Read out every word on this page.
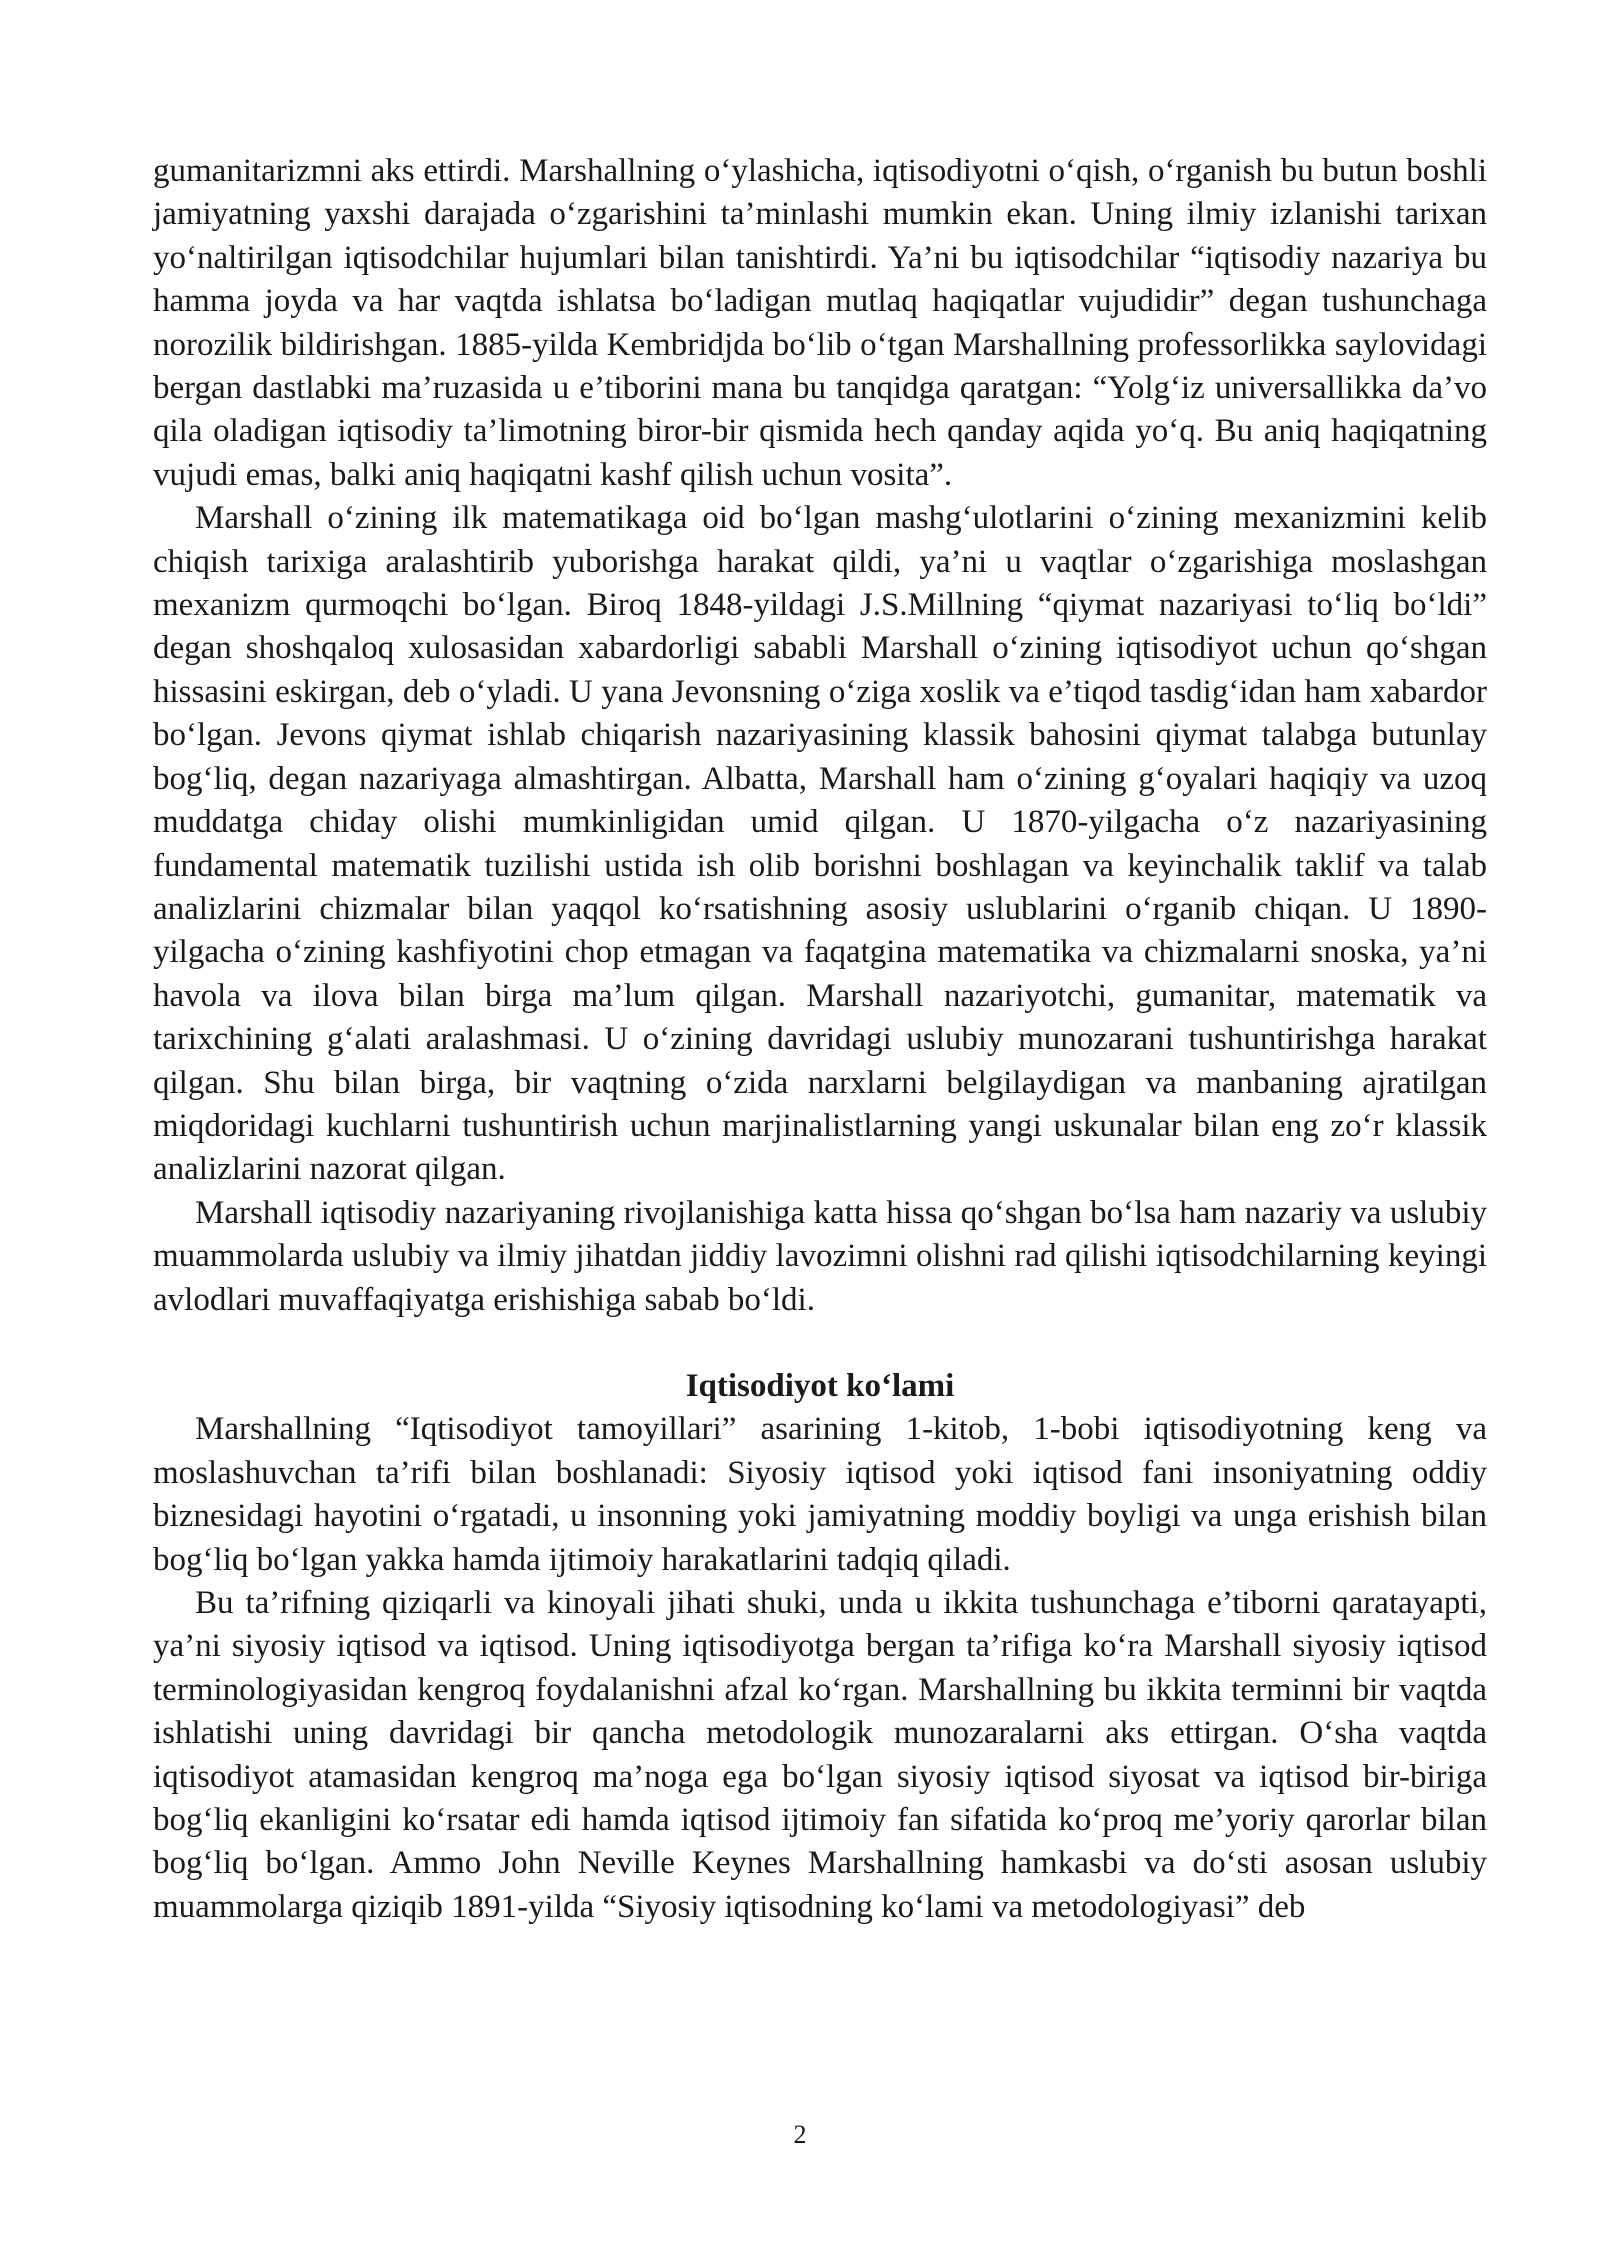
gumanitarizmni aks ettirdi. Marshallning o‘ylashicha, iqtisodiyotni o‘qish, o‘rganish bu butun boshli jamiyatning yaxshi darajada o‘zgarishini ta’minlashi mumkin ekan. Uning ilmiy izlanishi tarixan yo‘naltirilgan iqtisodchilar hujumlari bilan tanishtirdi. Ya’ni bu iqtisodchilar “iqtisodiy nazariya bu hamma joyda va har vaqtda ishlatsa bo‘ladigan mutlaq haqiqatlar vujudidir” degan tushunchaga norozilik bildirishgan. 1885-yilda Kembridjda bo‘lib o‘tgan Marshallning professorlikka saylovidagi bergan dastlabki ma’ruzasida u e’tiborini mana bu tanqidga qaratgan: “Yolg‘iz universallikka da’vo qila oladigan iqtisodiy ta’limotning biror-bir qismida hech qanday aqida yo‘q. Bu aniq haqiqatning vujudi emas, balki aniq haqiqatni kashf qilish uchun vosita”.

Marshall o‘zining ilk matematikaga oid bo‘lgan mashg‘ulotlarini o‘zining mexanizmini kelib chiqish tarixiga aralashtirib yuborishga harakat qildi, ya’ni u vaqtlar o‘zgarishiga moslashgan mexanizm qurmoqchi bo‘lgan. Biroq 1848-yildagi J.S.Millning “qiymat nazariyasi to‘liq bo‘ldi” degan shoshqaloq xulosasidan xabardorligi sababli Marshall o‘zining iqtisodiyot uchun qo‘shgan hissasini eskirgan, deb o‘yladi. U yana Jevonsning o‘ziga xoslik va e’tiqod tasdig‘idan ham xabardor bo‘lgan. Jevons qiymat ishlab chiqarish nazariyasining klassik bahosini qiymat talabga butunlay bog‘liq, degan nazariyaga almashtirgan. Albatta, Marshall ham o‘zining g‘oyalari haqiqiy va uzoq muddatga chiday olishi mumkinligidan umid qilgan. U 1870-yilgacha o‘z nazariyasining fundamental matematik tuzilishi ustida ish olib borishni boshlagan va keyinchalik taklif va talab analizlarini chizmalar bilan yaqqol ko‘rsatishning asosiy uslublarini o‘rganib chiqan. U 1890- yilgacha o‘zining kashfiyotini chop etmagan va faqatgina matematika va chizmalarni snoska, ya’ni havola va ilova bilan birga ma’lum qilgan. Marshall nazariyotchi, gumanitar, matematik va tarixchining g‘alati aralashmasi. U o‘zining davridagi uslubiy munozarani tushuntirishga harakat qilgan. Shu bilan birga, bir vaqtning o‘zida narxlarni belgilaydigan va manbaning ajratilgan miqdoridagi kuchlarni tushuntirish uchun marjinalistlarning yangi uskunalar bilan eng zo‘r klassik analizlarini nazorat qilgan.

Marshall iqtisodiy nazariyaning rivojlanishiga katta hissa qo‘shgan bo‘lsa ham nazariy va uslubiy muammolarda uslubiy va ilmiy jihatdan jiddiy lavozimni olishni rad qilishi iqtisodchilarning keyingi avlodlari muvaffaqiyatga erishishiga sabab bo‘ldi.

Iqtisodiyot ko‘lami

Marshallning “Iqtisodiyot tamoyillari” asarining 1-kitob, 1-bobi iqtisodiyotning keng va moslashuvchan ta’rifi bilan boshlanadi: Siyosiy iqtisod yoki iqtisod fani insoniyatning oddiy biznesidagi hayotini o‘rgatadi, u insonning yoki jamiyatning moddiy boyligi va unga erishish bilan bog‘liq bo‘lgan yakka hamda ijtimoiy harakatlarini tadqiq qiladi.

Bu ta’rifning qiziqarli va kinoyali jihati shuki, unda u ikkita tushunchaga e’tiborni qaratayapti, ya’ni siyosiy iqtisod va iqtisod. Uning iqtisodiyotga bergan ta’rifiga ko‘ra Marshall siyosiy iqtisod terminologiyasidan kengroq foydalanishni afzal ko‘rgan. Marshallning bu ikkita terminni bir vaqtda ishlatishi uning davridagi bir qancha metodologik munozaralarni aks ettirgan. O‘sha vaqtda iqtisodiyot atamasidan kengroq ma’noga ega bo‘lgan siyosiy iqtisod siyosat va iqtisod bir-biriga bog‘liq ekanligini ko‘rsatar edi hamda iqtisod ijtimoiy fan sifatida ko‘proq me’yoriy qarorlar bilan bog‘liq bo‘lgan. Ammo John Neville Keynes Marshallning hamkasbi va do‘sti asosan uslubiy muammolarga qiziqib 1891-yilda “Siyosiy iqtisodning ko‘lami va metodologiyasi” deb

2
